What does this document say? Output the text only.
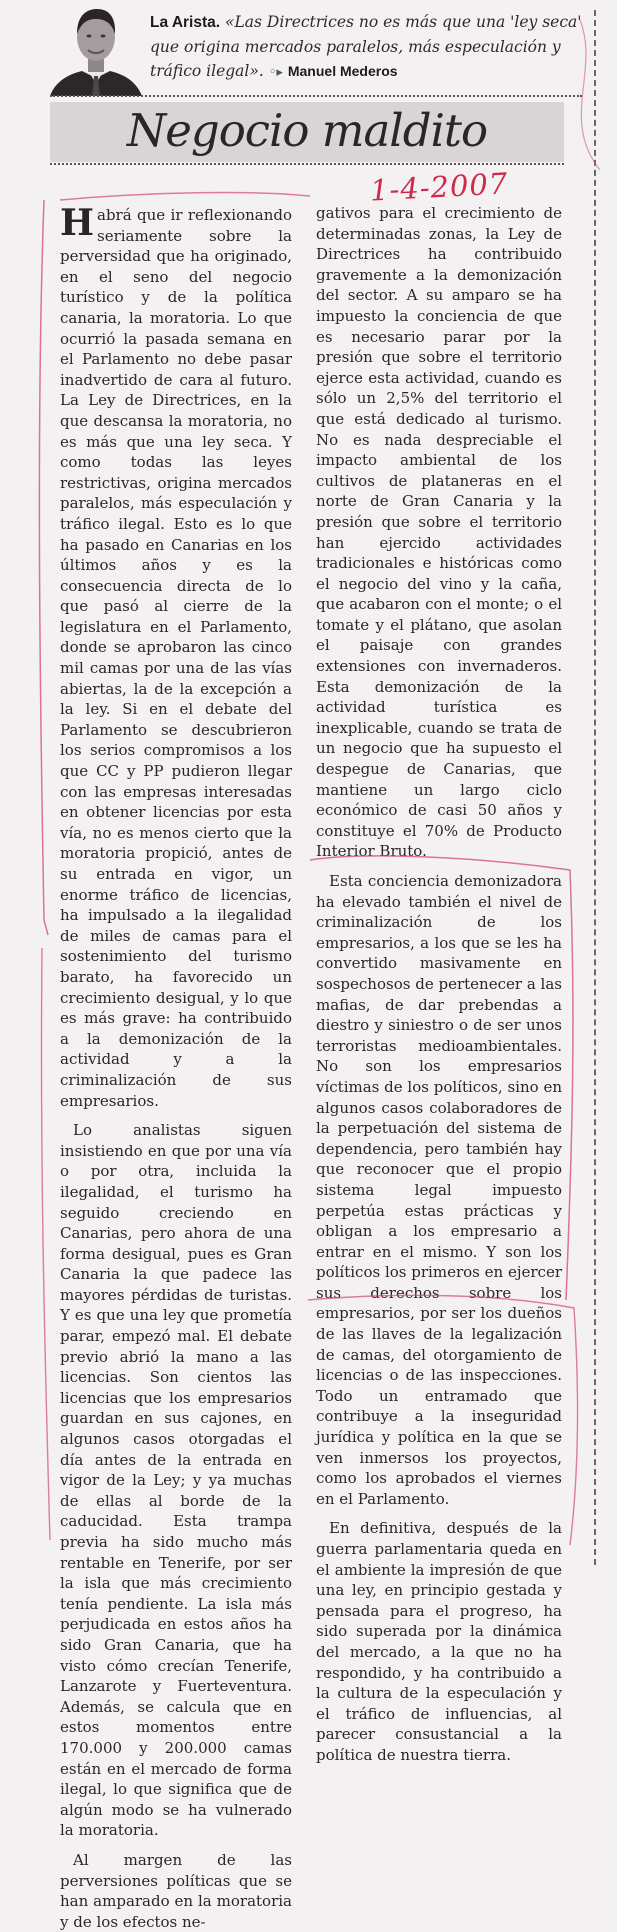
La Arista. «Las Directrices no es más que una 'ley seca' que origina mercados paralelos, más especulación y tráfico ilegal». ◦▸ Manuel Mederos
Negocio maldito
1-4-2007

Habrá que ir reflexionando seriamente sobre la perversidad que ha originado, en el seno del negocio turístico y de la política canaria, la moratoria. Lo que ocurrió la pasada semana en el Parlamento no debe pasar inadvertido de cara al futuro. La Ley de Directrices, en la que descansa la moratoria, no es más que una ley seca. Y como todas las leyes restrictivas, origina mercados paralelos, más especulación y tráfico ilegal. Esto es lo que ha pasado en Canarias en los últimos años y es la consecuencia directa de lo que pasó al cierre de la legislatura en el Parlamento, donde se aprobaron las cinco mil camas por una de las vías abiertas, la de la excepción a la ley. Si en el debate del Parlamento se descubrieron los serios compromisos a los que CC y PP pudieron llegar con las empresas interesadas en obtener licencias por esta vía, no es menos cierto que la moratoria propició, antes de su entrada en vigor, un enorme tráfico de licencias, ha impulsado a la ilegalidad de miles de camas para el sostenimiento del turismo barato, ha favorecido un crecimiento desigual, y lo que es más grave: ha contribuido a la demonización de la actividad y a la criminalización de sus empresarios.

Lo analistas siguen insistiendo en que por una vía o por otra, incluida la ilegalidad, el turismo ha seguido creciendo en Canarias, pero ahora de una forma desigual, pues es Gran Canaria la que padece las mayores pérdidas de turistas. Y es que una ley que prometía parar, empezó mal. El debate previo abrió la mano a las licencias. Son cientos las licencias que los empresarios guardan en sus cajones, en algunos casos otorgadas el día antes de la entrada en vigor de la Ley; y ya muchas de ellas al borde de la caducidad. Esta trampa previa ha sido mucho más rentable en Tenerife, por ser la isla que más crecimiento tenía pendiente. La isla más perjudicada en estos años ha sido Gran Canaria, que ha visto cómo crecían Tenerife, Lanzarote y Fuerteventura. Además, se calcula que en estos momentos entre 170.000 y 200.000 camas están en el mercado de forma ilegal, lo que significa que de algún modo se ha vulnerado la moratoria.

Al margen de las perversiones políticas que se han amparado en la moratoria y de los efectos ne-

gativos para el crecimiento de determinadas zonas, la Ley de Directrices ha contribuido gravemente a la demonización del sector. A su amparo se ha impuesto la conciencia de que es necesario parar por la presión que sobre el territorio ejerce esta actividad, cuando es sólo un 2,5% del territorio el que está dedicado al turismo. No es nada despreciable el impacto ambiental de los cultivos de plataneras en el norte de Gran Canaria y la presión que sobre el territorio han ejercido actividades tradicionales e históricas como el negocio del vino y la caña, que acabaron con el monte; o el tomate y el plátano, que asolan el paisaje con grandes extensiones con invernaderos. Esta demonización de la actividad turística es inexplicable, cuando se trata de un negocio que ha supuesto el despegue de Canarias, que mantiene un largo ciclo económico de casi 50 años y constituye el 70% de Producto Interior Bruto.

Esta conciencia demonizadora ha elevado también el nivel de criminalización de los empresarios, a los que se les ha convertido masivamente en sospechosos de pertenecer a las mafias, de dar prebendas a diestro y siniestro o de ser unos terroristas medioambientales. No son los empresarios víctimas de los políticos, sino en algunos casos colaboradores de la perpetuación del sistema de dependencia, pero también hay que reconocer que el propio sistema legal impuesto perpetúa estas prácticas y obligan a los empresario a entrar en el mismo. Y son los políticos los primeros en ejercer sus derechos sobre los empresarios, por ser los dueños de las llaves de la legalización de camas, del otorgamiento de licencias o de las inspecciones. Todo un entramado que contribuye a la inseguridad jurídica y política en la que se ven inmersos los proyectos, como los aprobados el viernes en el Parlamento.

En definitiva, después de la guerra parlamentaria queda en el ambiente la impresión de que una ley, en principio gestada y pensada para el progreso, ha sido superada por la dinámica del mercado, a la que no ha respondido, y ha contribuido a la cultura de la especulación y el tráfico de influencias, al parecer consustancial a la política de nuestra tierra.
